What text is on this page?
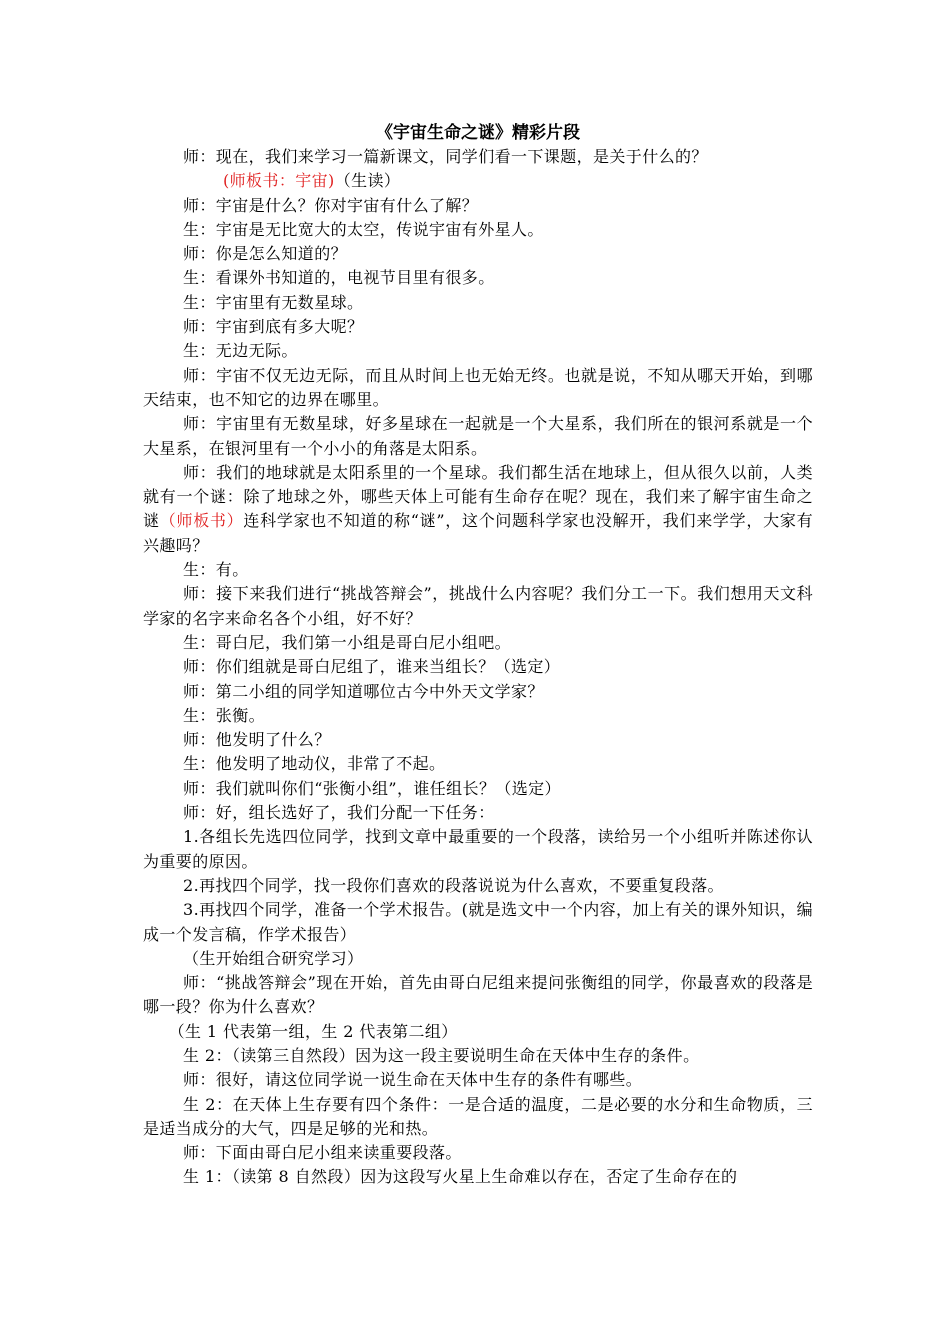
《宇宙生命之谜》精彩片段

师：现在，我们来学习一篇新课文，同学们看一下课题，是关于什么的？

(师板书：宇宙)（生读）

师：宇宙是什么？你对宇宙有什么了解？

生：宇宙是无比宽大的太空，传说宇宙有外星人。

师：你是怎么知道的？

生：看课外书知道的，电视节目里有很多。

生：宇宙里有无数星球。

师：宇宙到底有多大呢？

生：无边无际。

师：宇宙不仅无边无际，而且从时间上也无始无终。也就是说，不知从哪天开始，到哪天结束，也不知它的边界在哪里。

师：宇宙里有无数星球，好多星球在一起就是一个大星系，我们所在的银河系就是一个大星系，在银河里有一个小小的角落是太阳系。

师：我们的地球就是太阳系里的一个星球。我们都生活在地球上，但从很久以前，人类就有一个谜：除了地球之外，哪些天体上可能有生命存在呢？现在，我们来了解宇宙生命之谜（师板书）连科学家也不知道的称“谜”，这个问题科学家也没解开，我们来学学，大家有兴趣吗？

生：有。

师：接下来我们进行“挑战答辩会”，挑战什么内容呢？我们分工一下。我们想用天文科学家的名字来命名各个小组，好不好？

生：哥白尼，我们第一小组是哥白尼小组吧。

师：你们组就是哥白尼组了，谁来当组长？（选定）

师：第二小组的同学知道哪位古今中外天文学家？

生：张衡。

师：他发明了什么？

生：他发明了地动仪，非常了不起。

师：我们就叫你们“张衡小组”，谁任组长？（选定）

师：好，组长选好了，我们分配一下任务：

1.各组长先选四位同学，找到文章中最重要的一个段落，读给另一个小组听并陈述你认为重要的原因。

2.再找四个同学，找一段你们喜欢的段落说说为什么喜欢，不要重复段落。

3.再找四个同学，准备一个学术报告。(就是选文中一个内容，加上有关的课外知识，编成一个发言稿，作学术报告）

（生开始组合研究学习）

师：“挑战答辩会”现在开始，首先由哥白尼组来提问张衡组的同学，你最喜欢的段落是哪一段？你为什么喜欢？

（生 1 代表第一组，生 2 代表第二组）

生 2：（读第三自然段）因为这一段主要说明生命在天体中生存的条件。

师：很好，请这位同学说一说生命在天体中生存的条件有哪些。

生 2：在天体上生存要有四个条件：一是合适的温度，二是必要的水分和生命物质，三是适当成分的大气，四是足够的光和热。

师：下面由哥白尼小组来读重要段落。

生 1：（读第 8 自然段）因为这段写火星上生命难以存在，否定了生命存在的
